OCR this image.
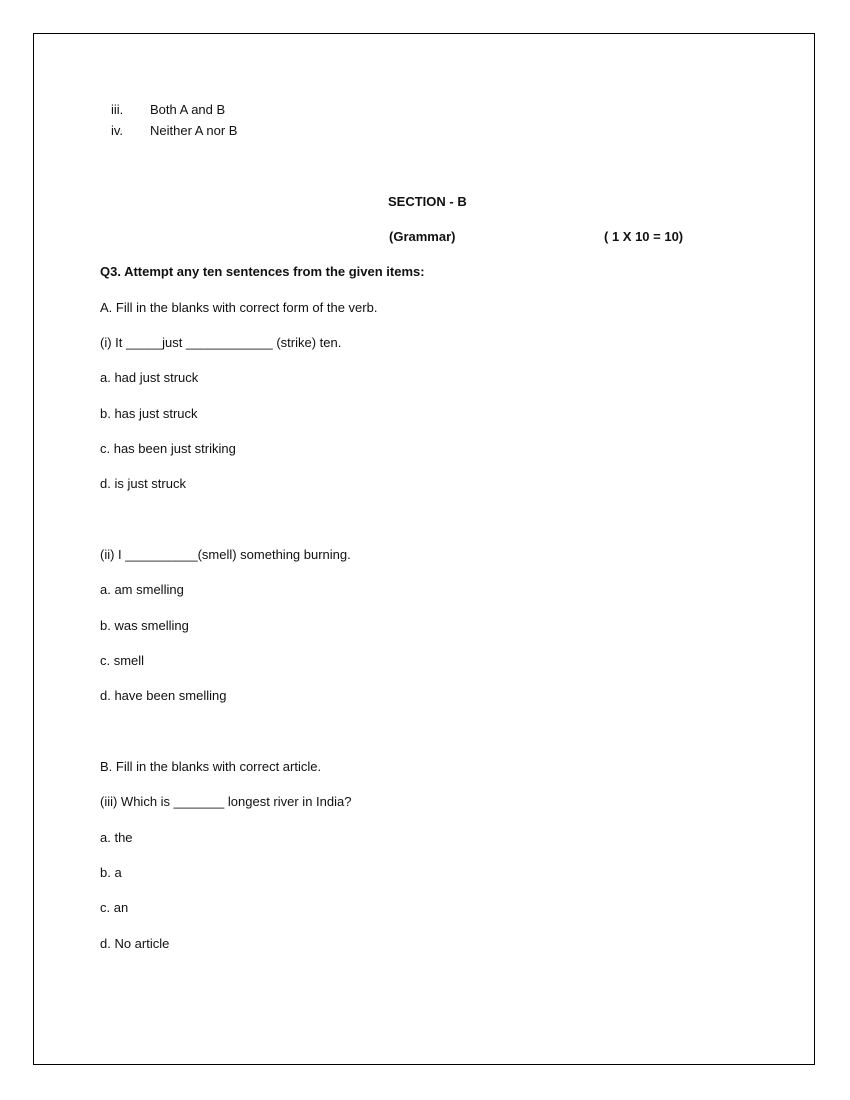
iii. Both A and B
iv. Neither A nor B
SECTION - B
(Grammar)	( 1 X 10 = 10)
Q3. Attempt any ten sentences from the given items:
A. Fill in the blanks with correct form of the verb.
(i) It _____just ____________ (strike) ten.
a. had just struck
b. has just struck
c. has been just striking
d. is just struck
(ii) I __________(smell) something burning.
a. am smelling
b. was smelling
c. smell
d. have been smelling
B. Fill in the blanks with correct article.
(iii) Which is _______ longest river in India?
a. the
b. a
c. an
d. No article
